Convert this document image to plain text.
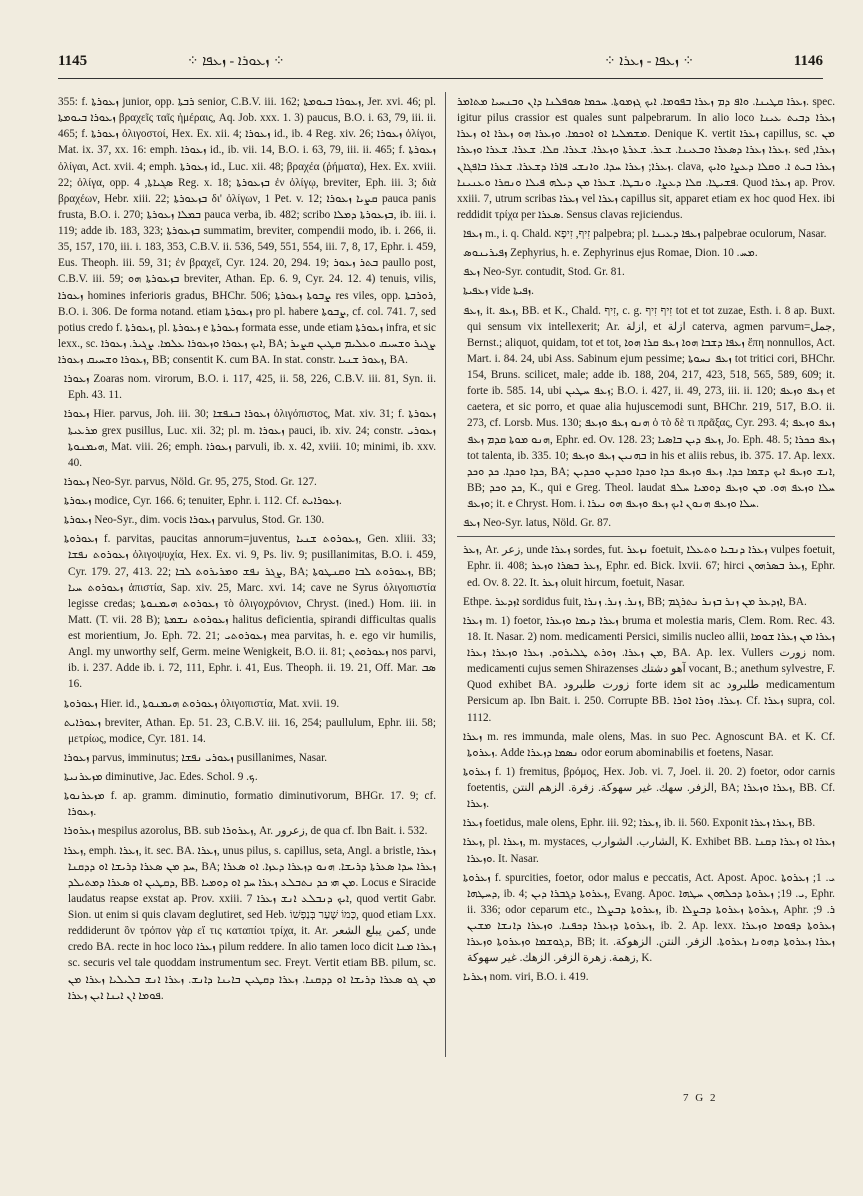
1145	⁘ ܙܥܘܪܐ - ܙܥܦܐ ⁘	⁘ ܙܥܦܐ - ܙܥܪܐ ⁘	1146

355: f. ܙܥܘܪܬܐ junior, opp. ܪܒܬܐ senior, C.B.V. iii. 162; ܙܥܘܪܐ ܒܝܘܡܬܐ, Jer. xvi. 46; pl. ܙܥܘܪܐ ܒܝܘܡܬܐ βραχεῖς ταῖς ἡμέραις, Aq. Job. xxx. 1. 3) paucus, B.O. i. 63, 79, iii. ii. 465; f. ܙܥܘܪܬܐ ὀλιγοστοί, Hex. Ex. xii. 4; ܙܥܘܪܐ id., ib. 4 Reg. xiv. 26; ܙܥܘܪܐ ὀλίγοι, Mat. ix. 37, xx. 16: emph. ܙܥܘܪܐ id., ib. vii. 14, B.O. i. 63, 79, iii. ii. 465; f. ܙܥܘܪܬܐ ὀλίγαι, Act. xvii. 4; emph. ܙܥܘܪܬܐ id., Luc. xii. 48; βραχέα (ῥήματα), Hex. Ex. xviii. 22; ὀλίγα, opp. ܣܓܝܐܬܐ, 4 Reg. x. 18; ܒܙܥܘܪܬܐ ἐν ὀλίγῳ, breviter, Eph. iii. 3; διὰ βραχέων, Hebr. xiii. 22; ܒܙܥܘܪܬܐ δι' ὀλίγων, 1 Pet. v. 12; ܩܨܝܐ ܙܥܘܪܐ pauca panis frusta, B.O. i. 270; ܒܡܠܐ ܙܥܘܪܬܐ pauca verba, ib. 482; scribo ܒܙܥܘܪܬܐ ܕܡܠܐ, ib. iii. i. 119; adde ib. 183, 323; ܒܙܥܘܪܬܐ summatim, breviter, compendii modo, ib. i. 266, ii. 35, 157, 170, iii. i. 183, 353, C.B.V. ii. 536, 549, 551, 554, iii. 7, 8, 17, Ephr. i. 459, Eus. Theoph. iii. 59, 31; ἐν βραχεῖ, Cyr. 124. 20, 294. 19; ܒܬܪ ܙܥܘܪ paullo post, C.B.V. iii. 59; ܒܙܥܘܪܬܐ ܗܘ breviter, Athan. Ep. 6. 9, Cyr. 24. 12. 4) tenuis, vilis, ܙܥܘܪܐ homines inferioris gradus, BHChr. 506; ܨܒܘܬܐ ܙܥܘܪܬܐ res viles, opp. ܪܘܪܒܬܐ, B.O. i. 306. De forma notand. etiam ܙܥܘܪܬܐ pro pl. habere ܨܒܘܬܐ, cf. col. 741. 7, sed potius credo f. ܙܥܘܪܬܐ, pl. ܙܥܘܪܬܐ e ܙܥܘܪܬܐ formata esse, unde etiam ܙܥܘܪܬܐ infra, et sic lexx., sc. ܐܝܟ ܙܥܘܪܐ ܘܙܥܘܪܐ ܥܠܡܐ. ܨܓܝܪ. ܙܥܘܪܐ, BA; ܨܓܝܪ ܘܫܚܝܩ ܘܥܠܝܡ ܩܛܝܢ ܩܨܝܪ ܙܥܘܪܐ ܘܫܚܝܩ ܙܥܘܪܐ, BB; consentit K. cum BA. In stat. constr. ܙܥܘܪ ܫܢܝܐ, BA.

ܙܥܘܪܐ Zoaras nom. virorum, B.O. i. 117, 425, ii. 58, 226, C.B.V. iii. 81, Syn. ii. Eph. 43. 11.

ܙܥܘܪܐ Hier. parvus, Joh. iii. 30; ܙܥܘܪܐ ܒܢܦܫܐ ὀλιγόπιστος, Mat. xiv. 31; f. ܙܥܘܪܬܐ ܡܪܥܝܬܐ grex pusillus, Luc. xii. 32; pl. m. ܙܥܘܪܐ pauci, ib. xiv. 24; constr. ܙܥܘܪܝ ܗܝܡܢܘܬܐ, Mat. viii. 26; emph. ܙܥܘܪܐ parvuli, ib. x. 42, xviii. 10; minimi, ib. xxv. 40.

ܙܥܘܪܐ Neo-Syr. parvus, Nöld. Gr. 95, 275, Stod. Gr. 127.

ܙܥܘܪܬܐ modice, Cyr. 166. 6; tenuiter, Ephr. i. 112. Cf. ܙܥܘܪܐܝܬ.

ܙܥܘܪܬܐ Neo-Syr., dim. vocis ܙܥܘܪܐ parvulus, Stod. Gr. 130.

ܙܥܘܪܘܬܐ f. parvitas, paucitas annorum=juventus, ܙܥܘܪܘܬ ܫܢܝܐ, Gen. xliii. 33; ܙܥܘܪܘܬ ܢܦܫܐ ὀλιγοψυχία, Hex. Ex. vi. 9, Ps. liv. 9; pusillanimitas, B.O. i. 459, Cyr. 179. 27, 413. 22; ܨܓܪ ܢܦܫ ܘܡܪܝܪܘܬ ܠܒܐ, BA; ܙܥܘܪܘܬ ܠܒܐ ܘܩܢܛܘܬܐ, BB; ܙܥܘܪܘܬ ܚܝܐ ἀπιστία, Sap. xiv. 25, Marc. xvi. 14; cave ne Syrus ὀλιγοπιστία legisse credas; ܙܥܘܪܘܬ ܗܝܡܢܘܬܐ τὸ ὀλιγοχρόνιον, Chryst. (ined.) Hom. iii. in Matt. (T. vii. 28 B); ܙܥܘܪܘܬ ܢܫܡܬܐ halitus deficientia, spirandi difficultas qualis est morientium, Jo. Eph. 72. 21; ܙܥܘܪܘܬܝ mea parvitas, h. e. ego vir humilis, Angl. my unworthy self, Germ. meine Wenigkeit, B.O. ii. 81; ܙܥܘܪܘܬܢ nos parvi, ib. i. 237. Adde ib. i. 72, 111, Ephr. i. 41, Eus. Theoph. ii. 19. 21, Off. Mar. ܣܒ 16.

ܙܥܘܪܘܬܐ Hier. id., ܙܥܘܪܘܬ ܗܝܡܢܘܬܐ ὀλιγοπιστία, Mat. xvii. 19.

ܙܥܘܪܐܝܬ breviter, Athan. Ep. 51. 23, C.B.V. iii. 16, 254; paullulum, Ephr. iii. 58; μετρίως, modice, Cyr. 181. 14.

ܙܥܘܪܐ parvus, imminutus; ܙܥܘܪܝ ܢܦܫܐ pusillanimes, Nasar.

ܡܙܥܪܢܝܬܐ diminutive, Jac. Edes. Schol. ܟ. 9.

ܡܙܥܪܢܘܬܐ f. ap. gramm. diminutio, formatio diminutivorum, BHGr. 17. 9; cf. ܙܥܘܪܐ.

ܙܥܪܘܪܐ mespilus azorolus, BB. sub ܙܥܪܘܪܐ, Ar. زعرور, de qua cf. Ibn Bait. i. 532.

ܙܥܪܐ, emph. ܙܥܪܐ, it. sec. BA. ܙܥܪܐ, unus pilus, s. capillus, seta, Angl. a bristle, ܙܥܪܐ ܚܕ ܡܢ ܣܥܪܐ ܕܪܝܫܐ ܐܘ ܕܕܩܢܐ, BA; ܙܥܪܐ ܚܕܐ ܣܥܪܬܐ ܕܪܝܫܐ. ܗܢܘ ܕܙܥܪܐ ܕܥܙܐ. ܐܘ ܣܥܪܐ ܕܩܛܝܢ ܐܘ ܣܥܪܐ ܕܡܬܝܠܕ, BB. ܡܢ ܗܝ ܟܕ ܢܬܒܠܥ ܙܥܪܐ ܚܕ ܐܘ ܕܘܡܝܐ. Locus e Siracide laudatus reapse exstat ap. Prov. xxiii. 7 ܐܝܟ ܕܢܒܠܥ ܐܢܫ ܙܥܪܐ, quod vertit Gabr. Sion. ut enim si quis clavam deglutiret, sed Heb. כְּמוֹ שָׁעַר בְּנַפְשׁוֹ, quod etiam Lxx. reddiderunt ὃν τρόπον γὰρ εἴ τις καταπίοι τρίχα, it. Ar. كمن يبلع الشعر, unde credo BA. recte in hoc loco ܙܥܪܐ pilum reddere. In alio tamen loco dicit ܙܥܪܐ ܡܢܐ sc. securis vel tale quoddam instrumentum sec. Freyt. Vertit etiam BB. pilum, sc. ܡܢ ܓܘ ܣܥܪܐ ܕܪܝܫܐ ܐܘ ܕܕܩܢܐ. ܙܥܪܐ ܕܩܛܝܢ ܒܐܝܢܐ ܕܐܢܫ. ܙܥܪܐ ܐܢܫ ܒܠܝܠܝܐ ܙܥܪܐ ܡܢ ܦܘܡܐ ܐܢ ܐܝܢܐ ܐܝܢ ܙܥܪܐ.

ܙܥܪܐ ܩܛܝܢܐ. ܘܐܦ ܕܡ ܙܥܪܐ ܒܦܘܡܐ. ܐܝܟ ܓܙܡܘܬܐ. ܚܟܡܐ ܣܘܦܠܢܐ ܕܐܢ ܘܒܢܚܝܐ ܡܬܐܡܪ. spec. igitur pilus crassior est quales sunt palpebrarum. In alio loco ܙܥܪܐ ܕܒܝܬ ܥܝܢܐ ܡܫܡܠܝܐ ܐܘ ܐܘܟܡܐ. ܘܙܥܪܐ ܗܘ ܙܥܪܐ ܐܘ ܙܥܪܐ. Denique K. vertit ܙܥܪܐ capillus, sc. ܡܢ ܙܥܪܐ ܙܥܪܐ ܕܣܥܪܐ ܘܒܥܝܢܐ. ܫܥܪ. ܫܥܪܬܐ ܘܙܥܪܐ. ܫܥܪܐ. ܩܠܐ. ܫܥܪܐ. ܫܥܪܐ ܘܙܥܪܐ. sed ܙܥܪܐ, ܙܥܪܐ; ܙܥܪܐ ܚܕܐ. ܘܐܢܫܝ ܦܐܪܐ ܕܫܥܪܐ. ܫܥܪܐ ܒܐܦܓܐܢ. clava, ܙܥܪܐ ܒܝܬ ܐ. ܘܩܠܐ ܕܥܨܐ ܘܐܝܟ ܦܫܝܛܐ. ܩܠܐ ܕܥܨܐ. ܘܢܒܛܐ. ܫܥܪܐ ܡܢ ܕܝܠܗ ܦܝܠܐ ܘܢܩܪܐ ܘܥܢܝܢܐ. Quod ܙܥܪܐ ap. Prov. xxiii. 7, utrum scribas ܙܥܪܐ vel ܙܥܪܐ capillus sit, apparet etiam ex hoc quod Hex. ibi reddidit τρίχα per ܣܥܪܐ. Sensus clavas rejiciendus.

ܙܥܦܐ m., i. q. Chald. זִיף, זִיפָא palpebra; pl. ܙܥܦܐ ܕܥܝܢܐ palpebrae oculorum, Nasar.

ܙܦܝܪܝܢܘܣ Zephyrius, h. e. Zephyrinus ejus Romae, Dion. ܡܚ. 10.

ܙܥܦ Neo-Syr. contudit, Stod. Gr. 81.

ܙܥܦܝܬܐ vide ܙܦܝܬܐ.

ܙܥܦ, it. ܙܥܦ, BB. et K., Chald. זִיף, c. g. זִיף זִיף tot et tot zuzae, Esth. i. 8 ap. Buxt. qui sensum vix intellexerit; Ar. ازلة, et ازلة caterva, agmen parvum=جمل, Bernst.; aliquot, quidam, tot et tot, ܙܥܦܐ ܕܫܒܐ ܗܘܐ ܙܥܦ ܩܪܐ ܗܘܐ ἔπη nonnullos, Act. Mart. i. 84. 24, ubi Ass. Sabinum ejum pessime; ܙܥܦ ܢܚܘܬܐ tot tritici cori, BHChr. 154, Bruns. scilicet, male; adde ib. 188, 204, 217, 423, 518, 565, 589, 609; it. forte ib. 585. 14, ubi ܙܥܦ ܚܛܝܢ; B.O. i. 427, ii. 49, 273, iii. ii. 120; ܙܥܦ ܘܙܥܦ et caetera, et sic porro, et quae alia hujuscemodi sunt, BHChr. 219, 517, B.O. ii. 273, cf. Lorsb. Mus. 130; ܗܢܘ ܙܥܦ ܘܙܥܦ ὁ τὸ δὲ τι πρᾶξας, Cyr. 293. 4; ܙܥܦ ܘܙܥܦ ܗܢܘ ܡܘܬܐ ܩܕܡ ܙܥܦ, Ephr. ed. Ov. 128. 23; ܙܥܦ ܕܝܢ ܒܐܣܝܐ, Jo. Eph. 48. 5; ܙܥܦ ܟܟܪܐ tot talenta, ib. 335. 10; ܒܗܢܝܢ ܙܥܦ ܘܙܥܦ in his et aliis rebus, ib. 375. 17. Ap. lexx. ܟܕܐ ܘܟܕܐ. ܟܕ ܘܟܕ, BA; ܐܢܫ ܘܙܥܦ ܐܝܟ ܕܫܡܐ ܟܕܐ. ܙܥܦ ܘܙܥܦ ܟܕܐ ܘܟܕܐ ܘܟܕܝܢ ܘܟܕܝܢ, BB; ܟܕ ܘܟܕ, K., qui e Greg. Theol. laudat ܚܠܐ ܘܙܥܦ ܗܘ. ܡܢ ܘܙܥܦ ܕܘܡܝܐ ܚܠܦ ܘܙܥܦ; it. e Chryst. Hom. i. ܚܠܐ ܘܙܥܦ ܗܢܘܢ ܐܝܟ ܙܥܦ ܘܙܥܦ ܗܘ ܢܝܪܐ.

ܙܥܦ Neo-Syr. latus, Nöld. Gr. 87.

ܙܥܪ, Ar. زعر, unde ܙܥܪܐ sordes, fut. ܢܙܥܪ foetuit, ܙܥܪܐ ܕܢܒܝܐ ܘܬܥܠܐ vulpes foetuit, Ephr. ii. 408; ܙܥܪ ܒܣܪܐ ܘܙܥܪ, Ephr. ed. Bick. lxvii. 67; hirci ܙܥܪ ܒܣܪܗܘܢ, Ephr. ed. Ov. 8. 22. It. ܙܥܪ oluit hircum, foetuit, Nasar.

Ethpe. ܐܙܕܥܪ sordidus fuit, ܙܢܪ. ܙܢܪ. ܙܢܪܐ, BB; ܐܙܕܥܪ ܡܢ ܙܢܪ ܒܙܢܪ ܢܬܪܓܡ, BA.

ܙܥܪܐ m. 1) foetor, ܙܥܪܐ ܕܝܡܐ ܘܙܥܪܐ bruma et molestia maris, Clem. Rom. Rec. 43. 18. It. Nasar. 2) nom. medicamenti Persici, similis nucleo allii, ܙܥܪܐ ܡܢ ܙܥܪܐ ܫܘܡܐ ܡܢ ܙܥܪܐ. ܙܘܪܬ ܛܠܝܪܘܕ. ܙܥܪܐ ܘܙܥܪܐ ܙܥܪܐ, BA. Ap. lex. Vullers زورت nom. medicamenti cujus semen Shirazenses آهو دشتك vocant, B.; anethum sylvestre, F. Quod exhibet BA. زورت طلبرود forte idem sit ac طلبرود medicamentum Persicum ap. Ibn Bait. i. 250. Corrupte BB. ܙܥܪܐ. ܙܘܪܐ ܐܘܪܐ. Cf. ܙܥܪܐ supra, col. 1112.

ܙܥܪܐ m. res immunda, male olens, Mas. in suo Pec. Agnoscunt BA. et K. Cf. ܙܥܪܘܬܐ. Adde ܢܣܡܐ ܕܙܥܪܐ odor eorum abominabilis et foetens, Nasar.

ܙܥܪܘܬܐ f. 1) fremitus, βρόμος, Hex. Job. vi. 7, Joel. ii. 20. 2) foetor, odor carnis foetentis, الزفر. سهك. غير سهوكة. زفرة. الزهم النتن, BA; ܙܥܪܐ ܘܙܥܪܐ, BB. Cf. ܙܥܪܐ.

ܙܥܪܐ foetidus, male olens, Ephr. iii. 92; ܙܥܪܐ, ib. ii. 560. Exponit ܙܥܪܐ ܙܥܪܐ, BB.

ܙܥܪܐ, pl. ܙܥܪܐ, m. mystaces, الشارب. الشوارب, K. Exhibet BB. ܙܥܪܐ ܐܘ ܙܥܪܐ ܕܩܢܐ ܘܙܥܪܐ. It. Nasar.

ܙܥܪܘܬܐ f. spurcities, foetor, odor malus e peccatis, Act. Apost. Apoc. ܝ. 1; ܙܥܪܘܬܐ ܕܚܛܗܐ, ib. 4; ܙܥܪܘܬܐ ܕܓܒܪܐ ܕܝܢ, Evang. Apoc. ܝ. 19; ܙܥܪܘܬܐ ܕܟܠܗܘܢ ܚܛܗܐ, Ephr. ii. 336; odor ceparum etc., ܙܥܪܘܬܐ ܕܒܨܠܐ, ib. ܙܥܪܘܬܐ ܙܥܪܘܬܐ ܕܒܨܠܐ, Aphr. ܪ. 9; ܙܥܪܘܬܐ ܕܙܥܪܐ ܕܟܦܢܐ. ܘܙܥܪܐ ܕܐܢܫܐ ܡܫܝܢ, ib. 2. Ap. lexx. ܙܥܪܘܬܐ ܕܦܘܡܐ ܘܙܥܪܐ ܕܓܘܫܡܐ ܘܙܥܪܘܬܐ ܘܙܥܪܐ, BB; it. ܙܥܪܐ ܙܥܪܘܬܐ ܕܗܘܢܐ ܙܥܪܘܬܐ. الزفر. النتن. الزهوكة. زهمة. زهرة الزفر. الزهك. غير سهوكة, K.

ܙܥܪܝܐ nom. viri, B.O. i. 419.

7 G 2
